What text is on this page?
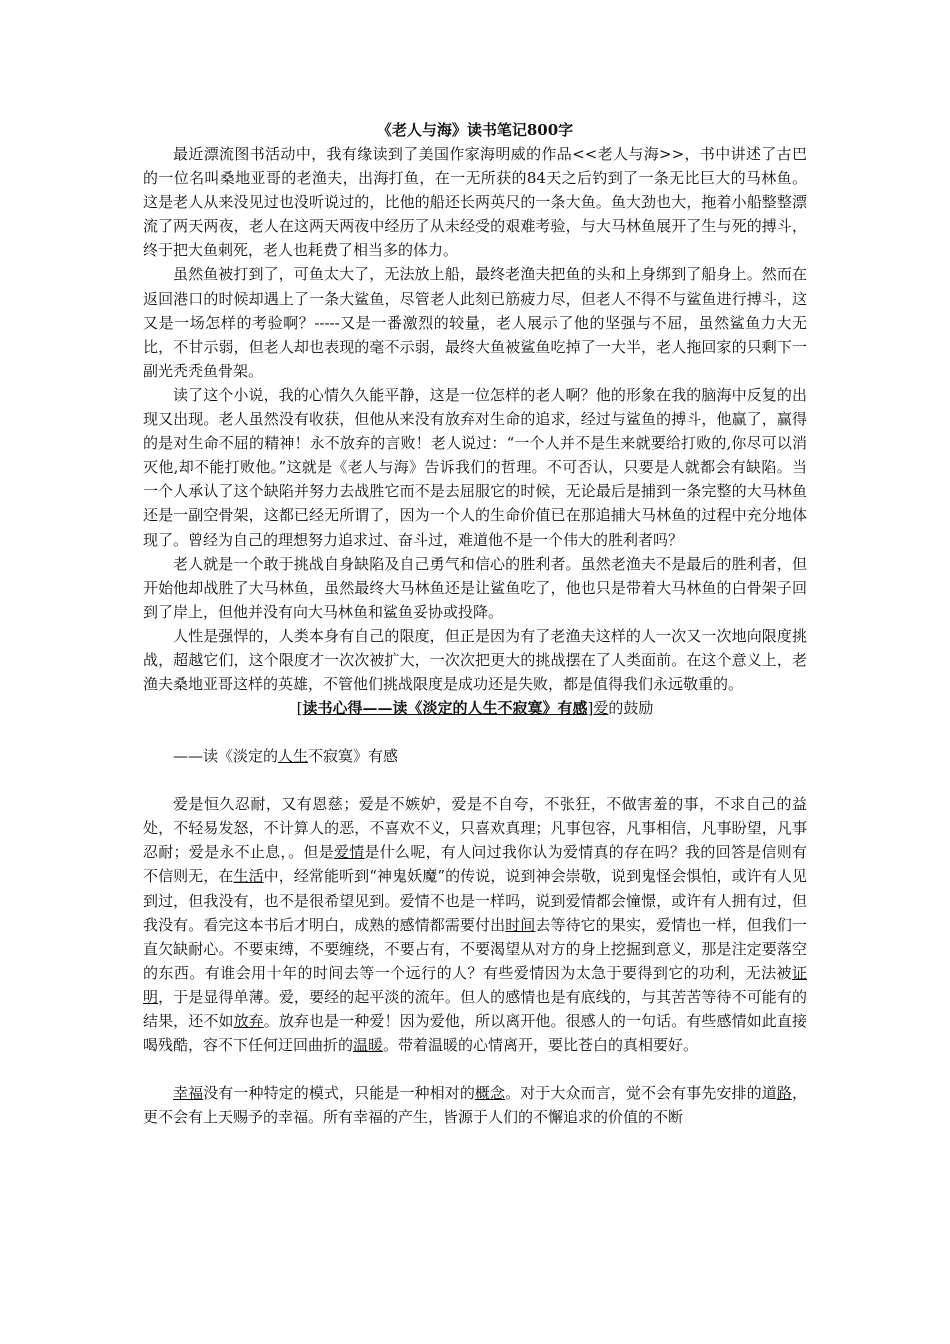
《老人与海》读书笔记800字

最近漂流图书活动中，我有缘读到了美国作家海明威的作品<<老人与海>>，书中讲述了古巴的一位名叫桑地亚哥的老渔夫，出海打鱼，在一无所获的84天之后钓到了一条无比巨大的马林鱼。这是老人从来没见过也没听说过的，比他的船还长两英尺的一条大鱼。鱼大劲也大，拖着小船整整漂流了两天两夜，老人在这两天两夜中经历了从未经受的艰难考验，与大马林鱼展开了生与死的搏斗，终于把大鱼刺死，老人也耗费了相当多的体力。

虽然鱼被打到了，可鱼太大了，无法放上船，最终老渔夫把鱼的头和上身绑到了船身上。然而在返回港口的时候却遇上了一条大鲨鱼，尽管老人此刻已筋疲力尽，但老人不得不与鲨鱼进行搏斗，这又是一场怎样的考验啊？-----又是一番激烈的较量，老人展示了他的坚强与不屈，虽然鲨鱼力大无比，不甘示弱，但老人却也表现的毫不示弱，最终大鱼被鲨鱼吃掉了一大半，老人拖回家的只剩下一副光秃秃鱼骨架。

读了这个小说，我的心情久久能平静，这是一位怎样的老人啊？他的形象在我的脑海中反复的出现又出现。老人虽然没有收获，但他从来没有放弃对生命的追求，经过与鲨鱼的搏斗，他赢了，赢得的是对生命不屈的精神！永不放弃的言败！老人说过：“一个人并不是生来就要给打败的,你尽可以消灭他,却不能打败他。”这就是《老人与海》告诉我们的哲理。不可否认，只要是人就都会有缺陷。当一个人承认了这个缺陷并努力去战胜它而不是去屈服它的时候，无论最后是捕到一条完整的大马林鱼还是一副空骨架，这都已经无所谓了，因为一个人的生命价值已在那追捕大马林鱼的过程中充分地体现了。曾经为自己的理想努力追求过、奋斗过，难道他不是一个伟大的胜利者吗？

老人就是一个敢于挑战自身缺陷及自己勇气和信心的胜利者。虽然老渔夫不是最后的胜利者，但开始他却战胜了大马林鱼，虽然最终大马林鱼还是让鲨鱼吃了，他也只是带着大马林鱼的白骨架子回到了岸上，但他并没有向大马林鱼和鲨鱼妥协或投降。

人性是强悍的，人类本身有自己的限度，但正是因为有了老渔夫这样的人一次又一次地向限度挑战，超越它们，这个限度才一次次被扩大，一次次把更大的挑战摆在了人类面前。在这个意义上，老渔夫桑地亚哥这样的英雄，不管他们挑战限度是成功还是失败，都是值得我们永远敬重的。

[读书心得——读《淡定的人生不寂寞》有感]爱的鼓励

——读《淡定的人生不寂寞》有感

爱是恒久忍耐，又有恩慈；爱是不嫉妒，爱是不自夸，不张狂，不做害羞的事，不求自己的益处，不轻易发怒，不计算人的恶，不喜欢不义，只喜欢真理；凡事包容，凡事相信，凡事盼望，凡事忍耐；爱是永不止息，。但是爱情是什么呢，有人问过我你认为爱情真的存在吗？我的回答是信则有不信则无，在生活中，经常能听到“神鬼妖魔”的传说，说到神会崇敬，说到鬼怪会惧怕，或许有人见到过，但我没有，也不是很希望见到。爱情不也是一样吗，说到爱情都会憧憬，或许有人拥有过，但我没有。看完这本书后才明白，成熟的感情都需要付出时间去等待它的果实，爱情也一样，但我们一直欠缺耐心。不要束缚，不要缠绕，不要占有，不要渴望从对方的身上挖掘到意义，那是注定要落空的东西。有谁会用十年的时间去等一个远行的人？有些爱情因为太急于要得到它的功利，无法被证明，于是显得单薄。爱，要经的起平淡的流年。但人的感情也是有底线的，与其苦苦等待不可能有的结果，还不如放弃。放弃也是一种爱！因为爱他，所以离开他。很感人的一句话。有些感情如此直接喝残酷，容不下任何迂回曲折的温暖。带着温暖的心情离开，要比苍白的真相要好。

幸福没有一种特定的模式，只能是一种相对的概念。对于大众而言，觉不会有事先安排的道路，更不会有上天赐予的幸福。所有幸福的产生，皆源于人们的不懈追求的价值的不断
